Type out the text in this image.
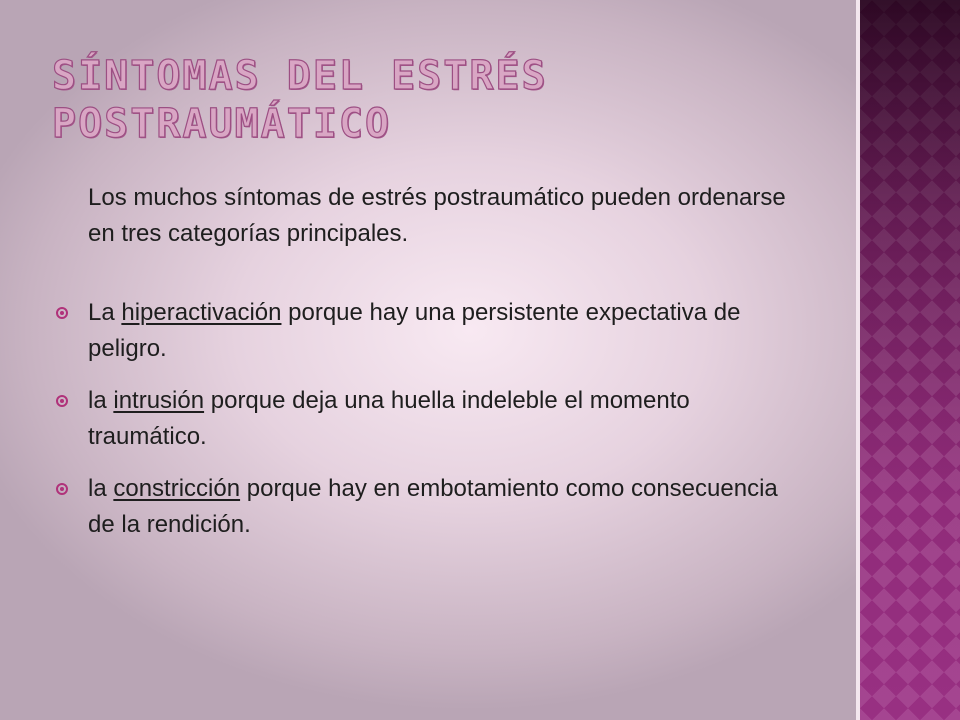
SÍNTOMAS DEL ESTRÉS POSTRAUMÁTICO

Los muchos síntomas de estrés postraumático pueden ordenarse en tres categorías principales.

La hiperactivación porque hay una persistente expectativa de peligro.
la intrusión porque deja una huella indeleble el momento traumático.
la constricción porque hay en embotamiento como consecuencia de la rendición.
